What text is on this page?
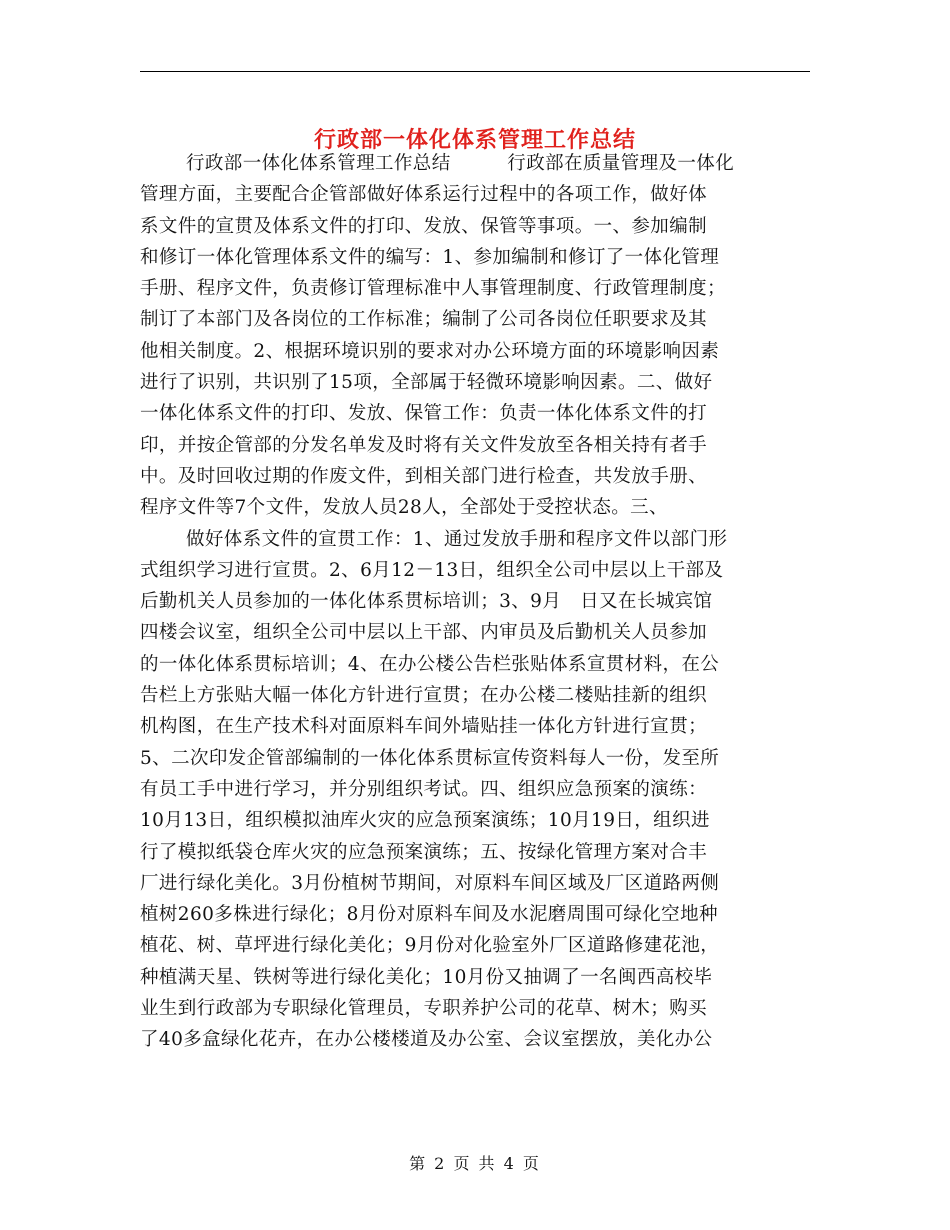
行政部一体化体系管理工作总结
行政部一体化体系管理工作总结　　　行政部在质量管理及一体化
管理方面，主要配合企管部做好体系运行过程中的各项工作，做好体
系文件的宣贯及体系文件的打印、发放、保管等事项。一、参加编制
和修订一体化管理体系文件的编写：1、参加编制和修订了一体化管理
手册、程序文件，负责修订管理标准中人事管理制度、行政管理制度；
制订了本部门及各岗位的工作标准；编制了公司各岗位任职要求及其
他相关制度。2、根据环境识别的要求对办公环境方面的环境影响因素
进行了识别，共识别了15项，全部属于轻微环境影响因素。二、做好
一体化体系文件的打印、发放、保管工作：负责一体化体系文件的打
印，并按企管部的分发名单发及时将有关文件发放至各相关持有者手
中。及时回收过期的作废文件，到相关部门进行检查，共发放手册、
程序文件等7个文件，发放人员28人，全部处于受控状态。三、
做好体系文件的宣贯工作：1、通过发放手册和程序文件以部门形
式组织学习进行宣贯。2、6月12－13日，组织全公司中层以上干部及
后勤机关人员参加的一体化体系贯标培训；3、9月　日又在长城宾馆
四楼会议室，组织全公司中层以上干部、内审员及后勤机关人员参加
的一体化体系贯标培训；4、在办公楼公告栏张贴体系宣贯材料，在公
告栏上方张贴大幅一体化方针进行宣贯；在办公楼二楼贴挂新的组织
机构图，在生产技术科对面原料车间外墙贴挂一体化方针进行宣贯；
5、二次印发企管部编制的一体化体系贯标宣传资料每人一份，发至所
有员工手中进行学习，并分别组织考试。四、组织应急预案的演练：
10月13日，组织模拟油库火灾的应急预案演练；10月19日，组织进
行了模拟纸袋仓库火灾的应急预案演练；五、按绿化管理方案对合丰
厂进行绿化美化。3月份植树节期间，对原料车间区域及厂区道路两侧
植树260多株进行绿化；8月份对原料车间及水泥磨周围可绿化空地种
植花、树、草坪进行绿化美化；9月份对化验室外厂区道路修建花池，
种植满天星、铁树等进行绿化美化；10月份又抽调了一名闽西高校毕
业生到行政部为专职绿化管理员，专职养护公司的花草、树木；购买
了40多盒绿化花卉，在办公楼楼道及办公室、会议室摆放，美化办公
第 2 页 共 4 页
